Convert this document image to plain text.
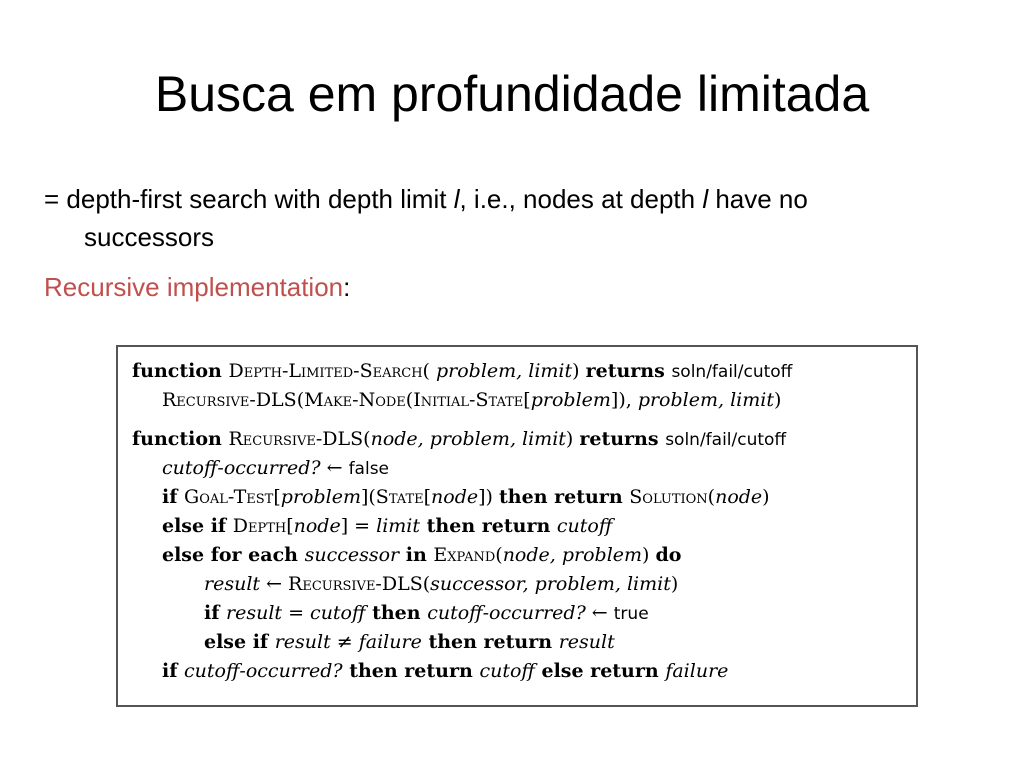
Busca em profundidade limitada
= depth-first search with depth limit l, i.e., nodes at depth l have no
successors
Recursive implementation:
function Depth-Limited-Search( problem, limit) returns soln/fail/cutoff
Recursive-DLS(Make-Node(Initial-State[problem]), problem, limit)
function Recursive-DLS(node, problem, limit) returns soln/fail/cutoff
cutoff-occurred? ← false
if Goal-Test[problem](State[node]) then return Solution(node)
else if Depth[node] = limit then return cutoff
else for each successor in Expand(node, problem) do
result ← Recursive-DLS(successor, problem, limit)
if result = cutoff then cutoff-occurred? ← true
else if result ≠ failure then return result
if cutoff-occurred? then return cutoff else return failure
